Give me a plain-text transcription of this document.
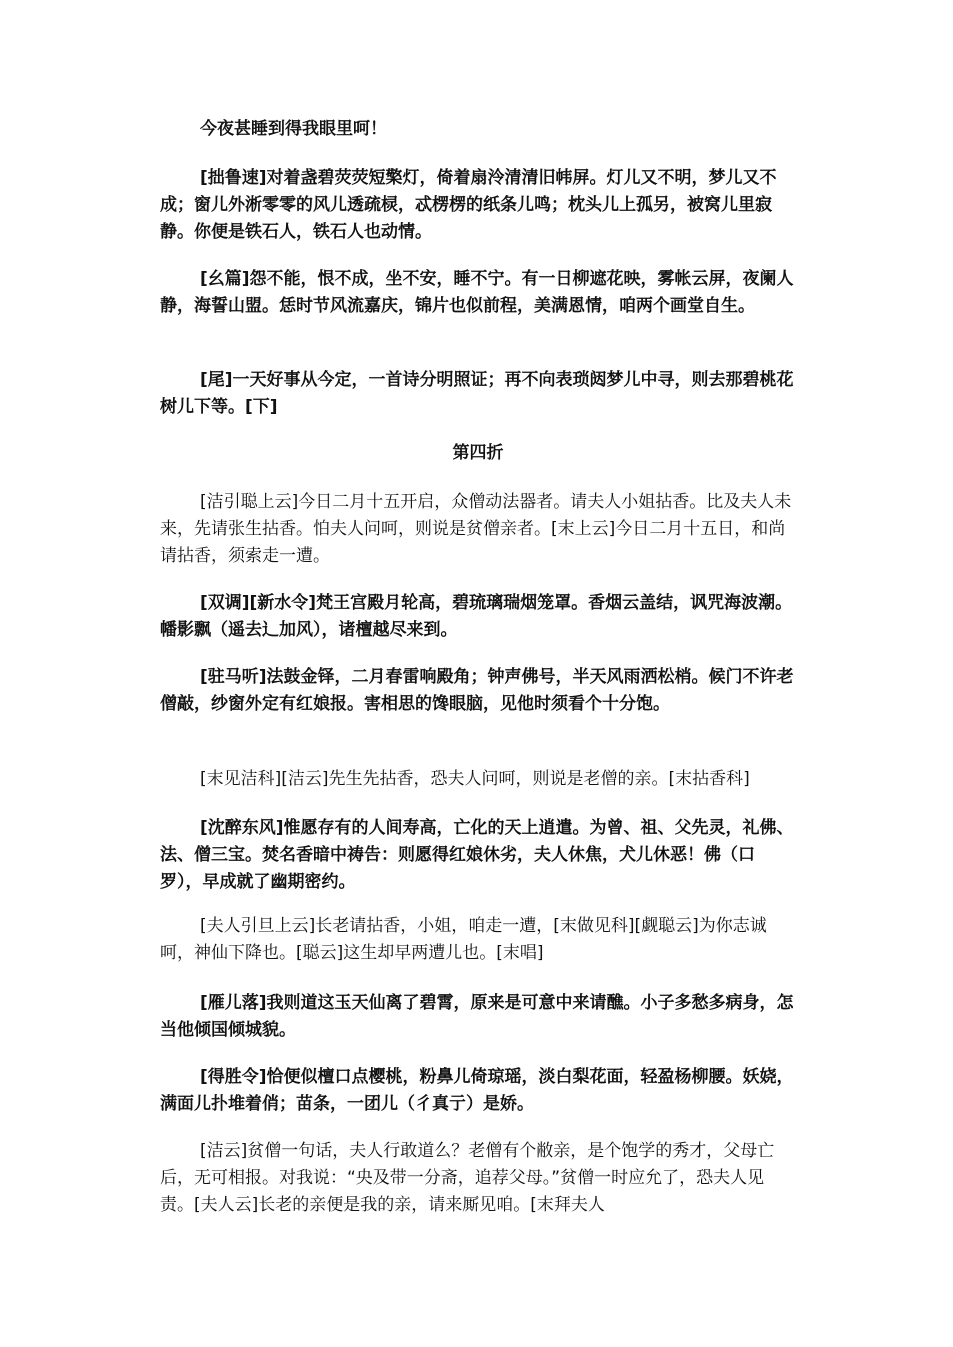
今夜甚睡到得我眼里呵！

[拙鲁速]对着盏碧荧荧短檠灯，倚着扇泠清清旧帏屏。灯儿又不明，梦儿又不成；窗儿外淅零零的风儿透疏棂，忒楞楞的纸条儿鸣；枕头儿上孤另，被窝儿里寂静。你便是铁石人，铁石人也动情。

[幺篇]怨不能，恨不成，坐不安，睡不宁。有一日柳遮花映，雾帐云屏，夜阑人静，海誓山盟。恁时节风流嘉庆，锦片也似前程，美满恩情，咱两个画堂自生。

[尾]一天好事从今定，一首诗分明照证；再不向表琐闼梦儿中寻，则去那碧桃花树儿下等。[下]

第四折

[洁引聪上云]今日二月十五开启，众僧动法器者。请夫人小姐拈香。比及夫人未来，先请张生拈香。怕夫人问呵，则说是贫僧亲者。[末上云]今日二月十五日，和尚请拈香，须索走一遭。

[双调][新水令]梵王宫殿月轮高，碧琉璃瑞烟笼罩。香烟云盖结，讽咒海波潮。幡影飘（遥去辶加风），诸檀越尽来到。

[驻马听]法鼓金铎，二月春雷响殿角；钟声佛号，半天风雨洒松梢。候门不许老僧敲，纱窗外定有红娘报。害相思的馋眼脑，见他时须看个十分饱。

[末见洁科][洁云]先生先拈香，恐夫人问呵，则说是老僧的亲。[末拈香科]

[沈醉东风]惟愿存有的人间寿高，亡化的天上逍遣。为曾、祖、父先灵，礼佛、法、僧三宝。焚名香暗中祷告：则愿得红娘休劣，夫人休焦，犬儿休恶！佛（口罗），早成就了幽期密约。

[夫人引旦上云]长老请拈香，小姐，咱走一遭，[末做见科][觑聪云]为你志诚呵，神仙下降也。[聪云]这生却早两遭儿也。[末唱]

[雁儿落]我则道这玉天仙离了碧霄，原来是可意中来请醮。小子多愁多病身，怎当他倾国倾城貌。

[得胜令]恰便似檀口点樱桃，粉鼻儿倚琼瑶，淡白梨花面，轻盈杨柳腰。妖娆，满面儿扑堆着俏；苗条，一团儿（彳真亍）是娇。

[洁云]贫僧一句话，夫人行敢道么？老僧有个敝亲，是个饱学的秀才，父母亡后，无可相报。对我说：“央及带一分斋，追荐父母。”贫僧一时应允了，恐夫人见责。[夫人云]长老的亲便是我的亲，请来厮见咱。[末拜夫人
